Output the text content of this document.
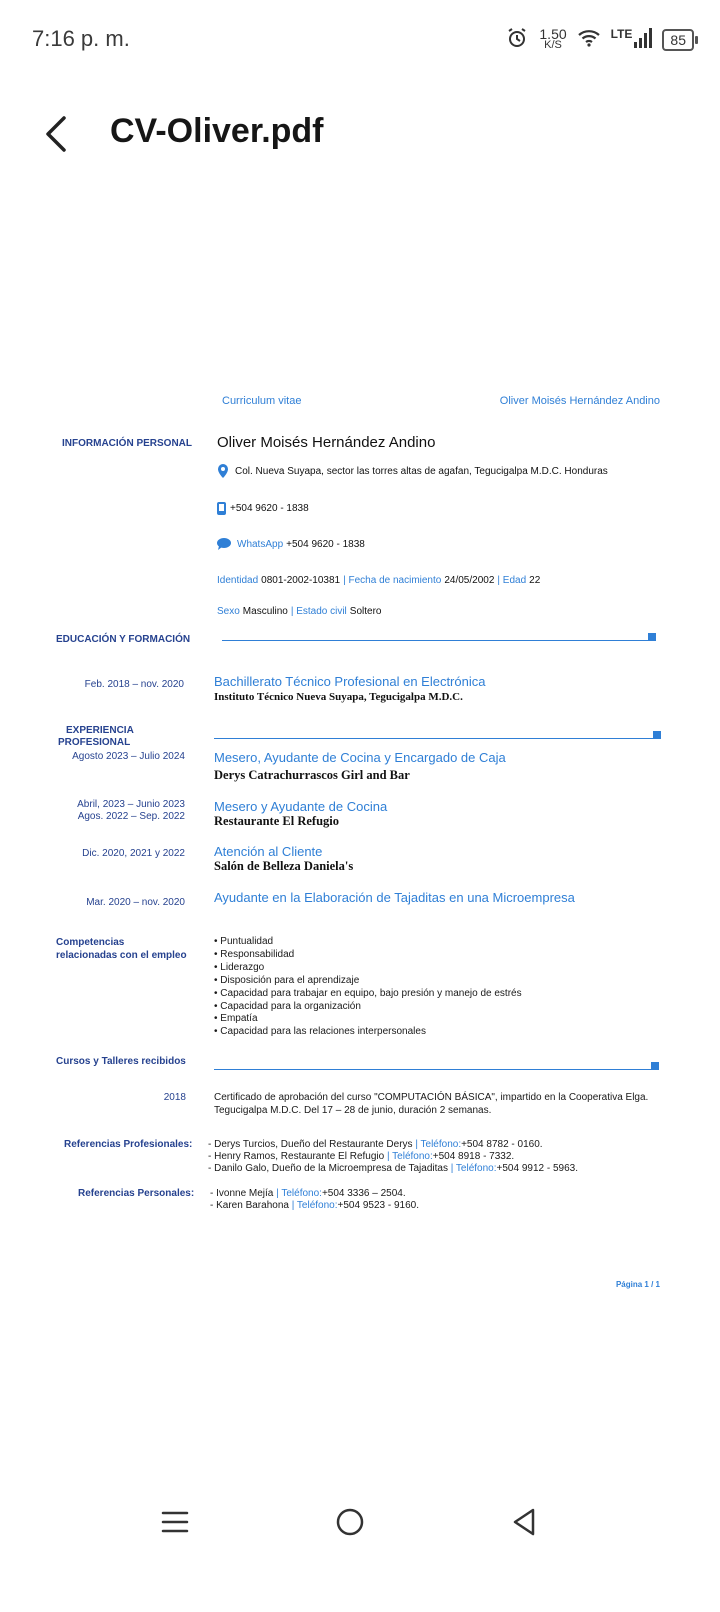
7:16 p. m.	1.50
K/S
LTE	85
CV-Oliver.pdf
Curriculum vitae	Oliver Moisés Hernández Andino
INFORMACIÓN PERSONAL Oliver Moisés Hernández Andino
Col. Nueva Suyapa, sector las torres altas de agafan, Tegucigalpa M.D.C. Honduras
+504 9620 - 1838
WhatsApp +504 9620 - 1838
Identidad 0801-2002-10381 | Fecha de nacimiento 24/05/2002 | Edad 22
Sexo Masculino | Estado civil Soltero
EDUCACIÓN Y FORMACIÓN
Feb. 2018 – nov. 2020 Bachillerato Técnico Profesional en Electrónica
Instituto Técnico Nueva Suyapa, Tegucigalpa M.D.C.
EXPERIENCIA
PROFESIONAL
Agosto 2023 – Julio 2024 Mesero, Ayudante de Cocina y Encargado de Caja
Derys Catrachurrascos Girl and Bar
Abril, 2023 – Junio 2023
Agos. 2022 – Sep. 2022
Mesero y Ayudante de Cocina
Restaurante El Refugio
Dic. 2020, 2021 y 2022 Atención al Cliente
Salón de Belleza Daniela's
Mar. 2020 – nov. 2020 Ayudante en la Elaboración de Tajaditas en una Microempresa
Competencias
relacionadas con el empleo
• Puntualidad
• Responsabilidad
• Liderazgo
• Disposición para el aprendizaje
• Capacidad para trabajar en equipo, bajo presión y manejo de estrés
• Capacidad para la organización
• Empatía
• Capacidad para las relaciones interpersonales
Cursos y Talleres recibidos
2018	Certificado de aprobación del curso "COMPUTACIÓN BÁSICA", impartido en la Cooperativa Elga.
Tegucigalpa M.D.C. Del 17 – 28 de junio, duración 2 semanas.
Referencias Profesionales: - Derys Turcios, Dueño del Restaurante Derys | Teléfono:+504 8782 - 0160.
- Henry Ramos, Restaurante El Refugio | Teléfono:+504 8918 - 7332.
- Danilo Galo, Dueño de la Microempresa de Tajaditas | Teléfono:+504 9912 - 5963.
Referencias Personales: - Ivonne Mejía | Teléfono:+504 3336 – 2504.
- Karen Barahona | Teléfono:+504 9523 - 9160.
Página 1 / 1
